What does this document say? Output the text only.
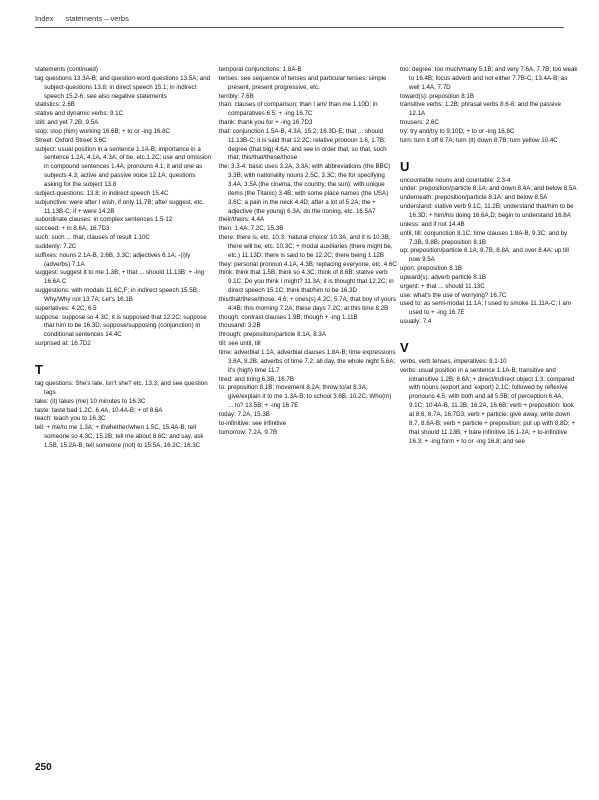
Index statements – verbs

statements (continued)

tag questions 13.3A-B; and question-word questions 13.5A; and subject-questions 13.8; in direct speech 15.1; in indirect speech 15.2-6; see also negative statements

statistics: 2.6B

stative and dynamic verbs: 9.1C

still: and yet 7.2B, 9.5A

stop: stop (him) working 16.6B; + to or -ing 16.8C

Street: Oxford Street 3.6C

subject: usual position in a sentence 1.1A-B; importance in a sentence 1.2A, 4.1A, 4.3A; of be, etc.1.2C; use and omission in compound sentences 1.4A; pronouns 4.1; it and one as subjects 4.3; active and passive voice 12.1A; questions asking for the subject 13.8

subject-questions: 13.8; in indirect speech 15.4C

subjunctive: were after I wish, if only 11.7B; after suggest, etc. 11.13B-C; if + were 14.2B

subordinate clauses: in complex sentences 1.5-12

succeed: + in 8.6A, 16.7D3

such: such ... that, clauses of result 1.10C

suddenly: 7.2C

suffixes: nouns 2.1A-B, 2.6B, 3.3C; adjectives 6.1A; -(i)ly (adverbs) 7.1A

suggest: suggest it to me 1.3B; + that ... should 11.13B; + -ing 16.6A.C

suggestions: with modals 11.6C,F; in indirect speech 15.5B; Why/Why not 13.7A; Let's 16.1B

superlatives: 4.2C, 6.5

suppose: suppose so 4.3C; it is supposed that 12.2C; suppose that him to be 16.3D; suppose/supposing (conjunction) in conditional sentences 14.4C

surprised at: 16.7D2

T

tag questions: She's late, isn't she? etc. 13.3; and see question tags

take: (it) takes (me) 10 minutes to 16.3C

taste: taste bad 1.2C, 6.4A, 10.4A-B; + of 8.6A

teach: teach you to 16.3C

tell: + me/to me 1.3A; + if/whether/when 1.5C, 15.4A-B; tell someone so 4.3C, 15.2B; tell me about 8.6C; and say, ask 1.5B, 15.2A-B; tell someone (not) to 15.5A, 16.2C, 16.3C

temporal conjunctions: 1.8A-B

tenses: see sequence of tenses and particular tenses: simple present, present progressive, etc.

terribly: 7.6B

than: clauses of comparison; than I am/ than me 1.10D; in comparatives 6.5; + -ing 16.7C

thank: thank you for + -ing 16.7D3

that: conjunction 1.5A-B, 4.3A, 15.2, 16.3D-E; that ... should 11.13B-C; it is said that 12.2C; relative pronoun 1.6, 1.7B; degree (that big) 4.6A; and see in order that, so that, such that; this/that/these/those

the: 3.3-4: basic uses 3.2A, 3.3A; with abbreviations (the BBC) 3.3B; with nationality nouns 2.5C, 3.3C; the for specifying 3.4A, 3.5A (the cinema, the country, the sun); with unique items (the Titanic) 3.4B; with some place names (the USA) 3.6C; a pain in the neck 4.4D; after a lot of 5.2A; the + adjective (the young) 6.3A; do the ironing, etc. 16.5A7

their/theirs: 4.4A

then: 1.4A, 7.2C, 15.3B

there: there is, etc. 10.3: 'natural choice' 10.3A; and it is 10.3B; there will be, etc. 10.3C; + modal auxiliaries (there might be, etc.) 11.13D; there is said to be 12.2C; there being 1.12B

they: personal pronoun 4.1A, 4.3B; replacing everyone, etc. 4.6C

think: think that 1.5B; think so 4.3C; think of 8.6B; stative verb 9.1C; Do you think I might? 11.3A; it is thought that 12.2C; in direct speech 15.1C; think that/him to be 16.3D

this/that/these/those: 4.6; + ones(s) 4.2C, 5.7A; that boy of yours 4.4B; this morning 7.2A; these days 7.2C; at this time 8.2B

though: contrast clauses 1.9B; though + -ing 1.11B

thousand: 3.2B

through: preposition/particle 8.1A, 8.3A

till: see until, till

time: adverbial 1.1A; adverbial clauses 1.8A-B; time expressions 3.6A, 8.2B; adverbs of time 7.2; all day, the whole night 5.6A; it's (high) time 11.7

tired: and tiring 6.3B, 16.7B

to: preposition 8.1B; movement 8.2A; throw to/at 8.3A; give/explain it to me 1.3A-B; to school 3.6B, 10.2C; Who(m) ... to? 13.5B; + -ing 16.7E

today: 7.2A, 15.3B

to-infinitive: see infinitive

tomorrow: 7.2A, 9.7B

too: degree: too much/many 5.1B; and very 7.6A, 7.7B; too weak to 16.4B; focus adverb and not either 7.7B-C, 13.4A-B; as well 1.4A, 7.7D

toward(s): preposition 8.1B

transitive verbs: 1.2B; phrasal verbs 8.6-8; and the passive 12.1A

trousers: 2.6C

try: try and/try to 9.10D; + to or -ing 16.8C

turn: turn it off 8.7A; turn (it) down 8.7B; turn yellow 10.4C

U

uncountable nouns and countable: 2.3-4

under: preposition/particle 8.1A; and down 8.4A; and below 8.5A

underneath: preposition/particle 8.1A; and below 8.5A

understand: stative verb 9.1C, 11.2B; understand that/him to be 16.3D; + him/his doing 16.6A,D; begin to understand 16.8A

unless: and if not 14.4B

until, till: conjunction 8.1C: time clauses 1.8A-B, 9.3C; and by 7.3B, 9.8B; preposition 8.1B

up: preposition/particle 8.1A, 8.7B, 8.8A; and over 8.4A; up till now 9.5A

upon: preposition 8.1B

upward(s): adverb particle 8.1B

urgent: + that ... should 11.13C

use: what's the use of worrying? 16.7C

used to: as semi-modal 11.1A; I used to smoke 11.11A-C; I am used to + -ing 16.7E

usually: 7.4

V

verbs, verb tenses, imperatives: 9.1-10

verbs: usual position in a sentence 1.1A-B; transitive and intransitive 1.2B, 8.6A; + direct/indirect object 1.3; compared with nouns (export and 'export) 2.1C; followed by reflexive pronouns 4.5; with both and all 5.5B; of perception 6.4A, 9.1C, 10.4A-B, 11.2B, 16.2A, 16.6B; verb + preposition: look at 8.6, 8.7A, 16.7D3; verb + particle: give away, write down 8.7, 8.8A-B; verb + particle + preposition: put up with 8.8D; + that should 11.13B; + bare infinitive 16.1-2A; + to-infinitive 16.3; + -ing form + to or -ing 16.8; and see

250
